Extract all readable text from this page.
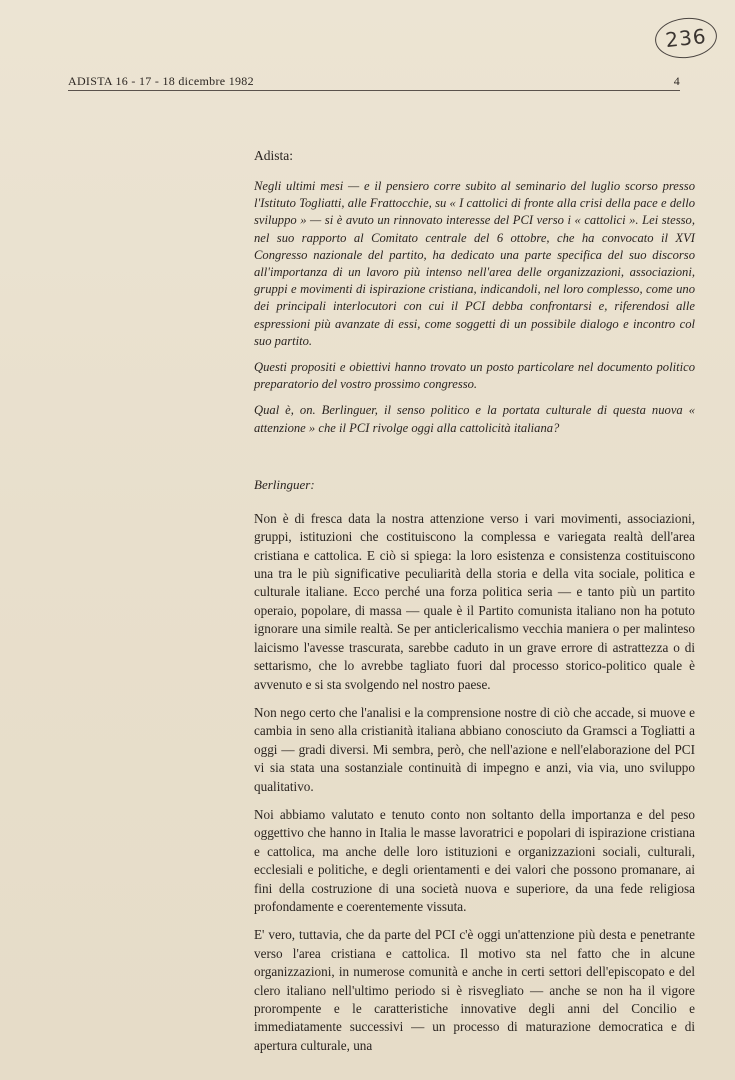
236
ADISTA 16 - 17 - 18 dicembre 1982	4

Adista:

Negli ultimi mesi — e il pensiero corre subito al seminario del luglio scorso presso l'Istituto Togliatti, alle Frattocchie, su « I cattolici di fronte alla crisi della pace e dello sviluppo » — si è avuto un rinnovato interesse del PCI verso i « cattolici ». Lei stesso, nel suo rapporto al Comitato centrale del 6 ottobre, che ha convocato il XVI Congresso nazionale del partito, ha dedicato una parte specifica del suo discorso all'importanza di un lavoro più intenso nell'area delle organizzazioni, associazioni, gruppi e movimenti di ispirazione cristiana, indicandoli, nel loro complesso, come uno dei principali interlocutori con cui il PCI debba confrontarsi e, riferendosi alle espressioni più avanzate di essi, come soggetti di un possibile dialogo e incontro col suo partito.

Questi propositi e obiettivi hanno trovato un posto particolare nel documento politico preparatorio del vostro prossimo congresso.

Qual è, on. Berlinguer, il senso politico e la portata culturale di questa nuova « attenzione » che il PCI rivolge oggi alla cattolicità italiana?

Berlinguer:

Non è di fresca data la nostra attenzione verso i vari movimenti, associazioni, gruppi, istituzioni che costituiscono la complessa e variegata realtà dell'area cristiana e cattolica. E ciò si spiega: la loro esistenza e consistenza costituiscono una tra le più significative peculiarità della storia e della vita sociale, politica e culturale italiane. Ecco perché una forza politica seria — e tanto più un partito operaio, popolare, di massa — quale è il Partito comunista italiano non ha potuto ignorare una simile realtà. Se per anticlericalismo vecchia maniera o per malinteso laicismo l'avesse trascurata, sarebbe caduto in un grave errore di astrattezza o di settarismo, che lo avrebbe tagliato fuori dal processo storico-politico quale è avvenuto e si sta svolgendo nel nostro paese.

Non nego certo che l'analisi e la comprensione nostre di ciò che accade, si muove e cambia in seno alla cristianità italiana abbiano conosciuto da Gramsci a Togliatti a oggi — gradi diversi. Mi sembra, però, che nell'azione e nell'elaborazione del PCI vi sia stata una sostanziale continuità di impegno e anzi, via via, uno sviluppo qualitativo.

Noi abbiamo valutato e tenuto conto non soltanto della importanza e del peso oggettivo che hanno in Italia le masse lavoratrici e popolari di ispirazione cristiana e cattolica, ma anche delle loro istituzioni e organizzazioni sociali, culturali, ecclesiali e politiche, e degli orientamenti e dei valori che possono promanare, ai fini della costruzione di una società nuova e superiore, da una fede religiosa profondamente e coerentemente vissuta.

E' vero, tuttavia, che da parte del PCI c'è oggi un'attenzione più desta e penetrante verso l'area cristiana e cattolica. Il motivo sta nel fatto che in alcune organizzazioni, in numerose comunità e anche in certi settori dell'episcopato e del clero italiano nell'ultimo periodo si è risvegliato — anche se non ha il vigore prorompente e le caratteristiche innovative degli anni del Concilio e immediatamente successivi — un processo di maturazione democratica e di apertura culturale, una
